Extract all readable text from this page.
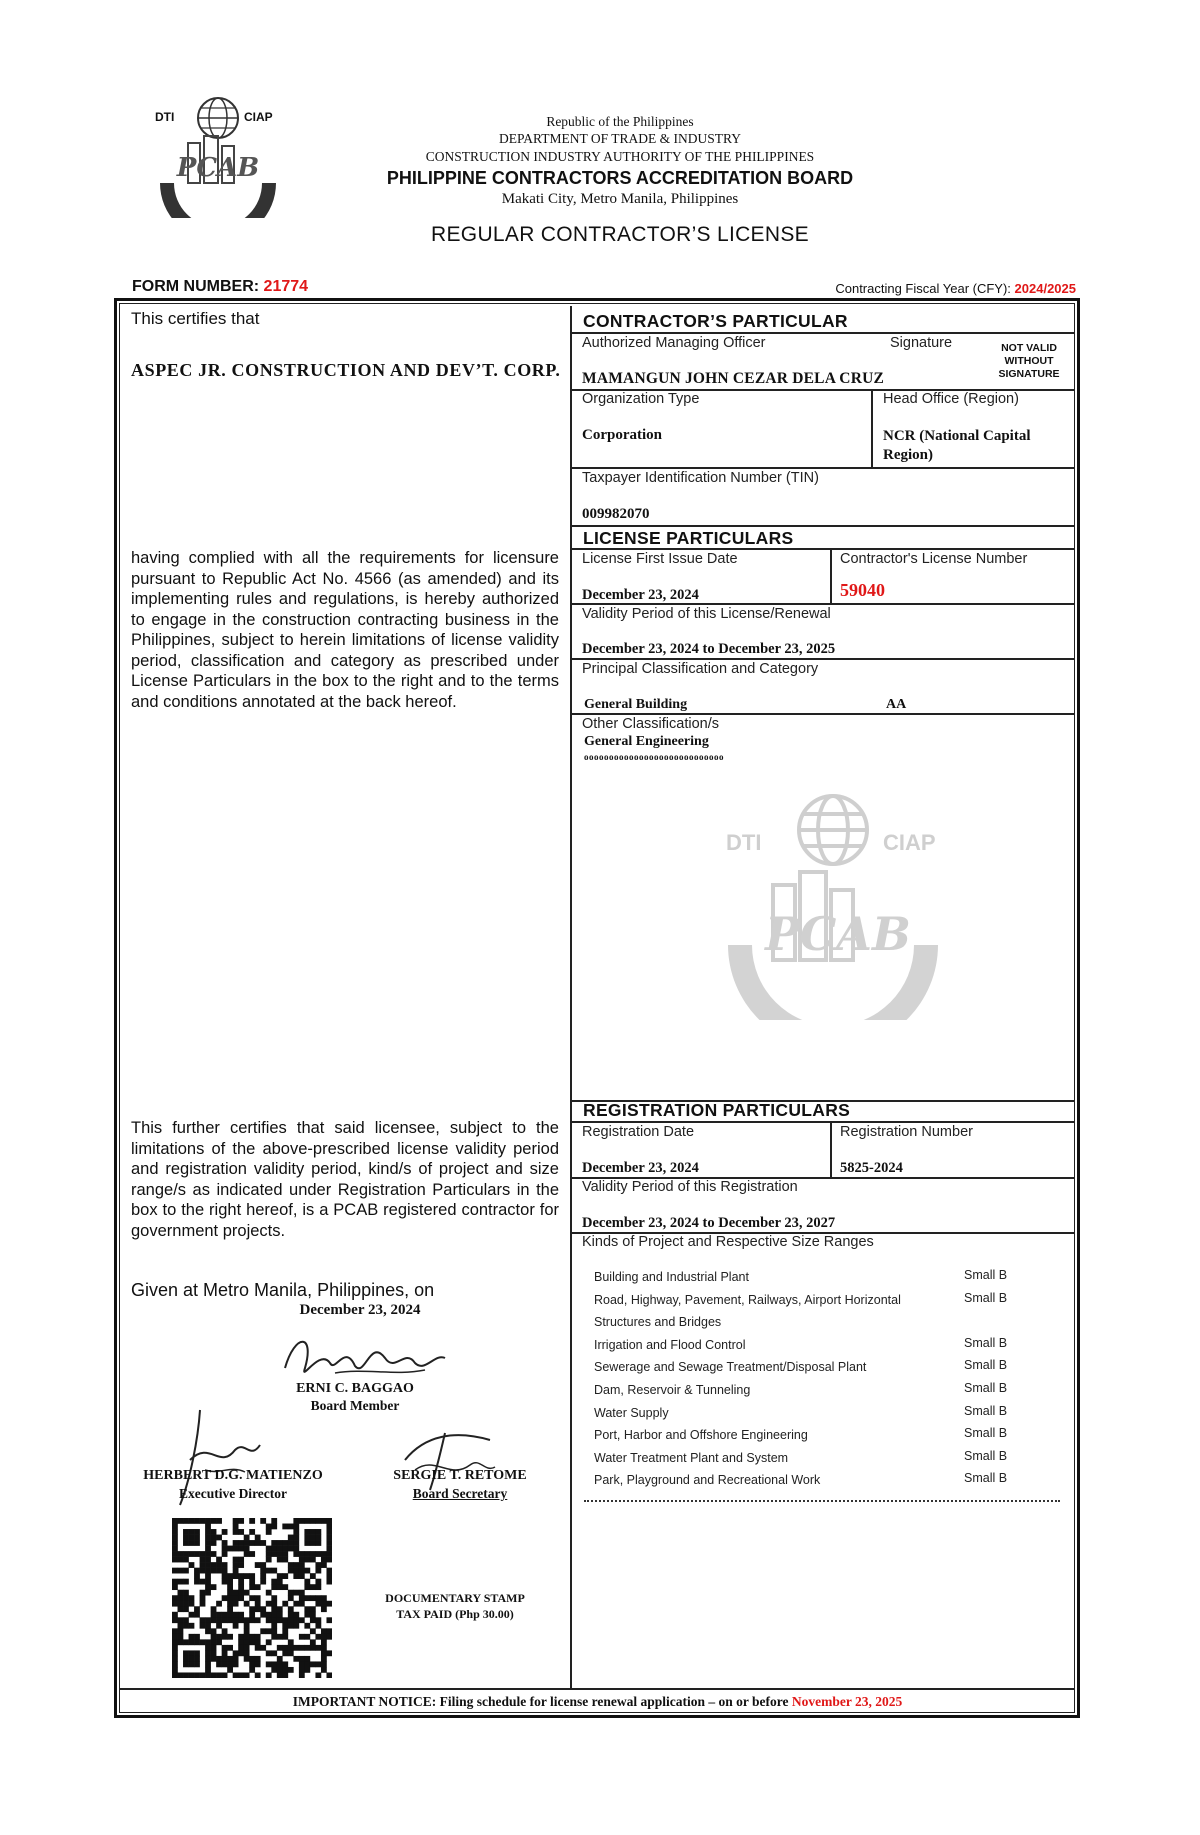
PCAB
DTI	CIAP	Republic of the Philippines
DEPARTMENT OF TRADE & INDUSTRY
CONSTRUCTION INDUSTRY AUTHORITY OF THE PHILIPPINES
PHILIPPINE CONTRACTORS ACCREDITATION BOARD
Makati City, Metro Manila, Philippines
REGULAR CONTRACTOR’S LICENSE
FORM NUMBER: 21774	Contracting Fiscal Year (CFY): 2024/2025
This certifies that
ASPEC JR. CONSTRUCTION AND DEV’T. CORP.
having complied with all the requirements for licensure pursuant to Republic Act No. 4566 (as amended) and its implementing rules and regulations, is hereby authorized to engage in the construction contracting business in the Philippines, subject to herein limitations of license validity period, classification and category as prescribed under License Particulars in the box to the right and to the terms and conditions annotated at the back hereof.
This further certifies that said licensee, subject to the limitations of the above-prescribed license validity period and registration validity period, kind/s of project and size range/s as indicated under Registration Particulars in the box to the right hereof, is a PCAB registered contractor for government projects.
Given at Metro Manila, Philippines, on
December 23, 2024
ERNI C. BAGGAO
Board Member
HERBERT D.G. MATIENZO
Executive Director
SERGIE T. RETOME
Board Secretary
DOCUMENTARY STAMP
TAX PAID (Php 30.00)
CONTRACTOR’S PARTICULAR
Authorized Managing Officer	Signature	NOT VALID WITHOUT SIGNATURE
MAMANGUN JOHN CEZAR DELA CRUZ
Organization Type
Corporation
Head Office (Region)
NCR (National Capital Region)
Taxpayer Identification Number (TIN)
009982070
LICENSE PARTICULARS
License First Issue Date
December 23, 2024
Contractor's License Number
59040
Validity Period of this License/Renewal
December 23, 2024 to December 23, 2025
Principal Classification and Category
General Building	AA
Other Classification/s
General Engineering
oooooooooooooooooooooooooooo
PCAB
DTI	CIAP
REGISTRATION PARTICULARS
Registration Date
December 23, 2024
Registration Number
5825-2024
Validity Period of this Registration
December 23, 2024 to December 23, 2027
Kinds of Project and Respective Size Ranges
Building and Industrial Plant	Small B
Road, Highway, Pavement, Railways, Airport Horizontal	Small B
Structures and Bridges
Irrigation and Flood Control	Small B
Sewerage and Sewage Treatment/Disposal Plant	Small B
Dam, Reservoir & Tunneling	Small B
Water Supply	Small B
Port, Harbor and Offshore Engineering	Small B
Water Treatment Plant and System	Small B
Park, Playground and Recreational Work	Small B
IMPORTANT NOTICE: Filing schedule for license renewal application – on or before November 23, 2025
